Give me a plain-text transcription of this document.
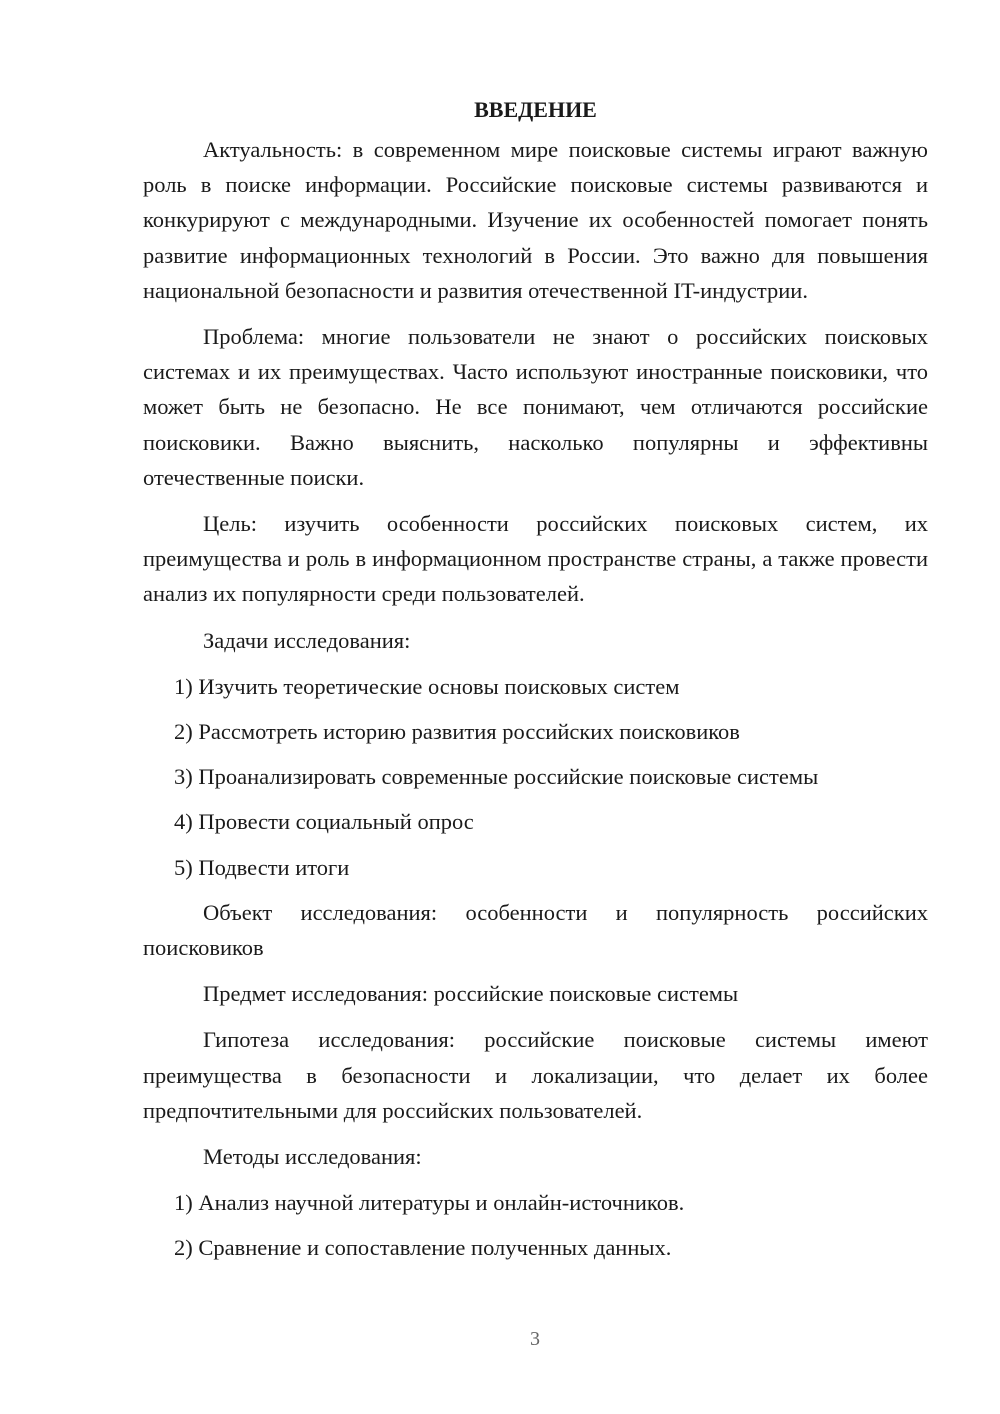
ВВЕДЕНИЕ

Актуальность: в современном мире поисковые системы играют важную роль в поиске информации. Российские поисковые системы развиваются и конкурируют с международными. Изучение их особенностей помогает понять развитие информационных технологий в России. Это важно для повышения национальной безопасности и развития отечественной IT-индустрии.

Проблема: многие пользователи не знают о российских поисковых системах и их преимуществах. Часто используют иностранные поисковики, что может быть не безопасно. Не все понимают, чем отличаются российские поисковики. Важно выяснить, насколько популярны и эффективны отечественные поиски.

Цель: изучить особенности российских поисковых систем, их преимущества и роль в информационном пространстве страны, а также провести анализ их популярности среди пользователей.

Задачи исследования:

1) Изучить теоретические основы поисковых систем
2) Рассмотреть историю развития российских поисковиков
3) Проанализировать современные российские поисковые системы
4) Провести социальный опрос
5) Подвести итоги

Объект исследования: особенности и популярность российских поисковиков

Предмет исследования: российские поисковые системы

Гипотеза исследования: российские поисковые системы имеют преимущества в безопасности и локализации, что делает их более предпочтительными для российских пользователей.

Методы исследования:

1) Анализ научной литературы и онлайн-источников.
2) Сравнение и сопоставление полученных данных.
3
